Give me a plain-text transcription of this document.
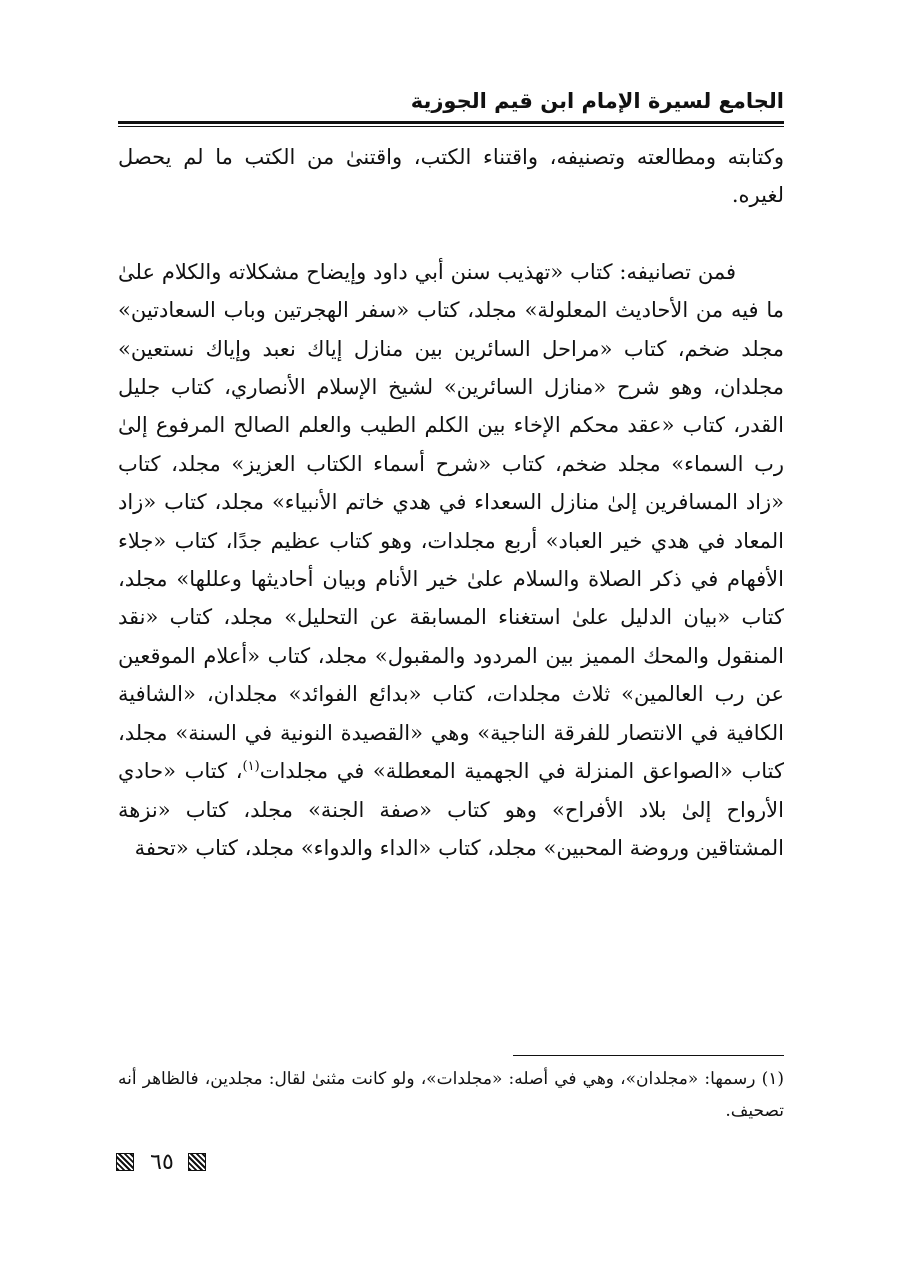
الجامع لسيرة الإمام ابن قيم الجوزية

وكتابته ومطالعته وتصنيفه، واقتناء الكتب، واقتنىٰ من الكتب ما لم يحصل لغيره.

فمن تصانيفه: كتاب «تهذيب سنن أبي داود وإيضاح مشكلاته والكلام علىٰ ما فيه من الأحاديث المعلولة» مجلد، كتاب «سفر الهجرتين وباب السعادتين» مجلد ضخم، كتاب «مراحل السائرين بين منازل إياك نعبد وإياك نستعين» مجلدان، وهو شرح «منازل السائرين» لشيخ الإسلام الأنصاري، كتاب جليل القدر، كتاب «عقد محكم الإخاء بين الكلم الطيب والعلم الصالح المرفوع إلىٰ رب السماء» مجلد ضخم، كتاب «شرح أسماء الكتاب العزيز» مجلد، كتاب «زاد المسافرين إلىٰ منازل السعداء في هدي خاتم الأنبياء» مجلد، كتاب «زاد المعاد في هدي خير العباد» أربع مجلدات، وهو كتاب عظيم جدًا، كتاب «جلاء الأفهام في ذكر الصلاة والسلام علىٰ خير الأنام وبيان أحاديثها وعللها» مجلد، كتاب «بيان الدليل علىٰ استغناء المسابقة عن التحليل» مجلد، كتاب «نقد المنقول والمحك المميز بين المردود والمقبول» مجلد، كتاب «أعلام الموقعين عن رب العالمين» ثلاث مجلدات، كتاب «بدائع الفوائد» مجلدان، «الشافية الكافية في الانتصار للفرقة الناجية» وهي «القصيدة النونية في السنة» مجلد، كتاب «الصواعق المنزلة في الجهمية المعطلة» في مجلدات$^{(١)}$، كتاب «حادي الأرواح إلىٰ بلاد الأفراح» وهو كتاب «صفة الجنة» مجلد، كتاب «نزهة المشتاقين وروضة المحبين» مجلد، كتاب «الداء والدواء» مجلد، كتاب «تحفة

(١) رسمها: «مجلدان»، وهي في أصله: «مجلدات»، ولو كانت مثنىٰ لقال: مجلدين، فالظاهر أنه تصحيف.
٦٥
